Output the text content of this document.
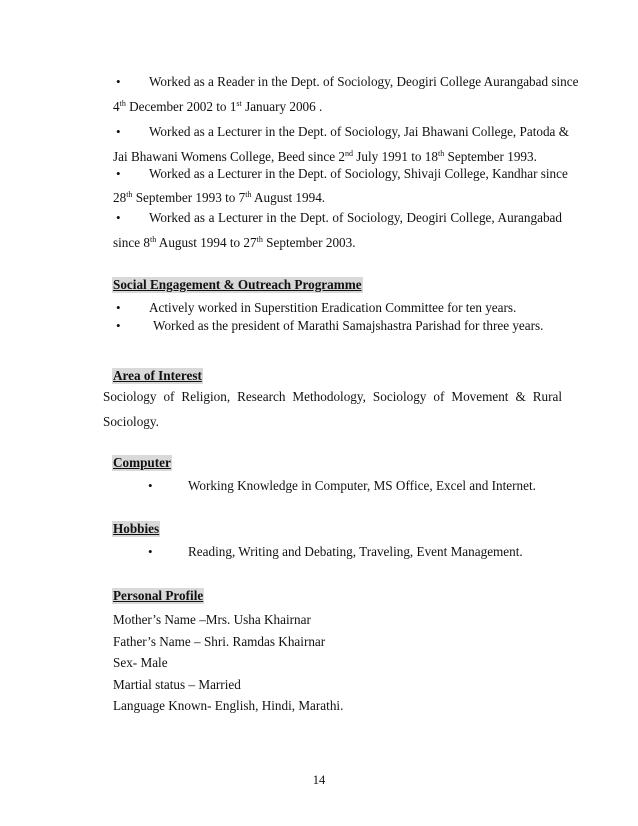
• Worked as a Reader in the Dept. of Sociology, Deogiri College Aurangabad since
4th December 2002 to 1st January 2006 .
• Worked as a Lecturer in the Dept. of Sociology, Jai Bhawani College, Patoda &
Jai Bhawani Womens College, Beed since 2nd July 1991 to 18th September 1993.
• Worked as a Lecturer in the Dept. of Sociology, Shivaji College, Kandhar since
28th September 1993 to 7th August 1994.
• Worked as a Lecturer in the Dept. of Sociology, Deogiri College, Aurangabad
since 8th August 1994 to 27th September 2003.
Social Engagement & Outreach Programme
• Actively worked in Superstition Eradication Committee for ten years.
• Worked as the president of Marathi Samajshastra Parishad for three years.
Area of Interest
Sociology of Religion, Research Methodology, Sociology of Movement & Rural
Sociology.
Computer
•	Working Knowledge in Computer, MS Office, Excel and Internet.
Hobbies
•	Reading, Writing and Debating, Traveling, Event Management.
Personal Profile
Mother’s Name –Mrs. Usha Khairnar
Father’s Name – Shri. Ramdas Khairnar
Sex- Male
Martial status – Married
Language Known- English, Hindi, Marathi.
14
